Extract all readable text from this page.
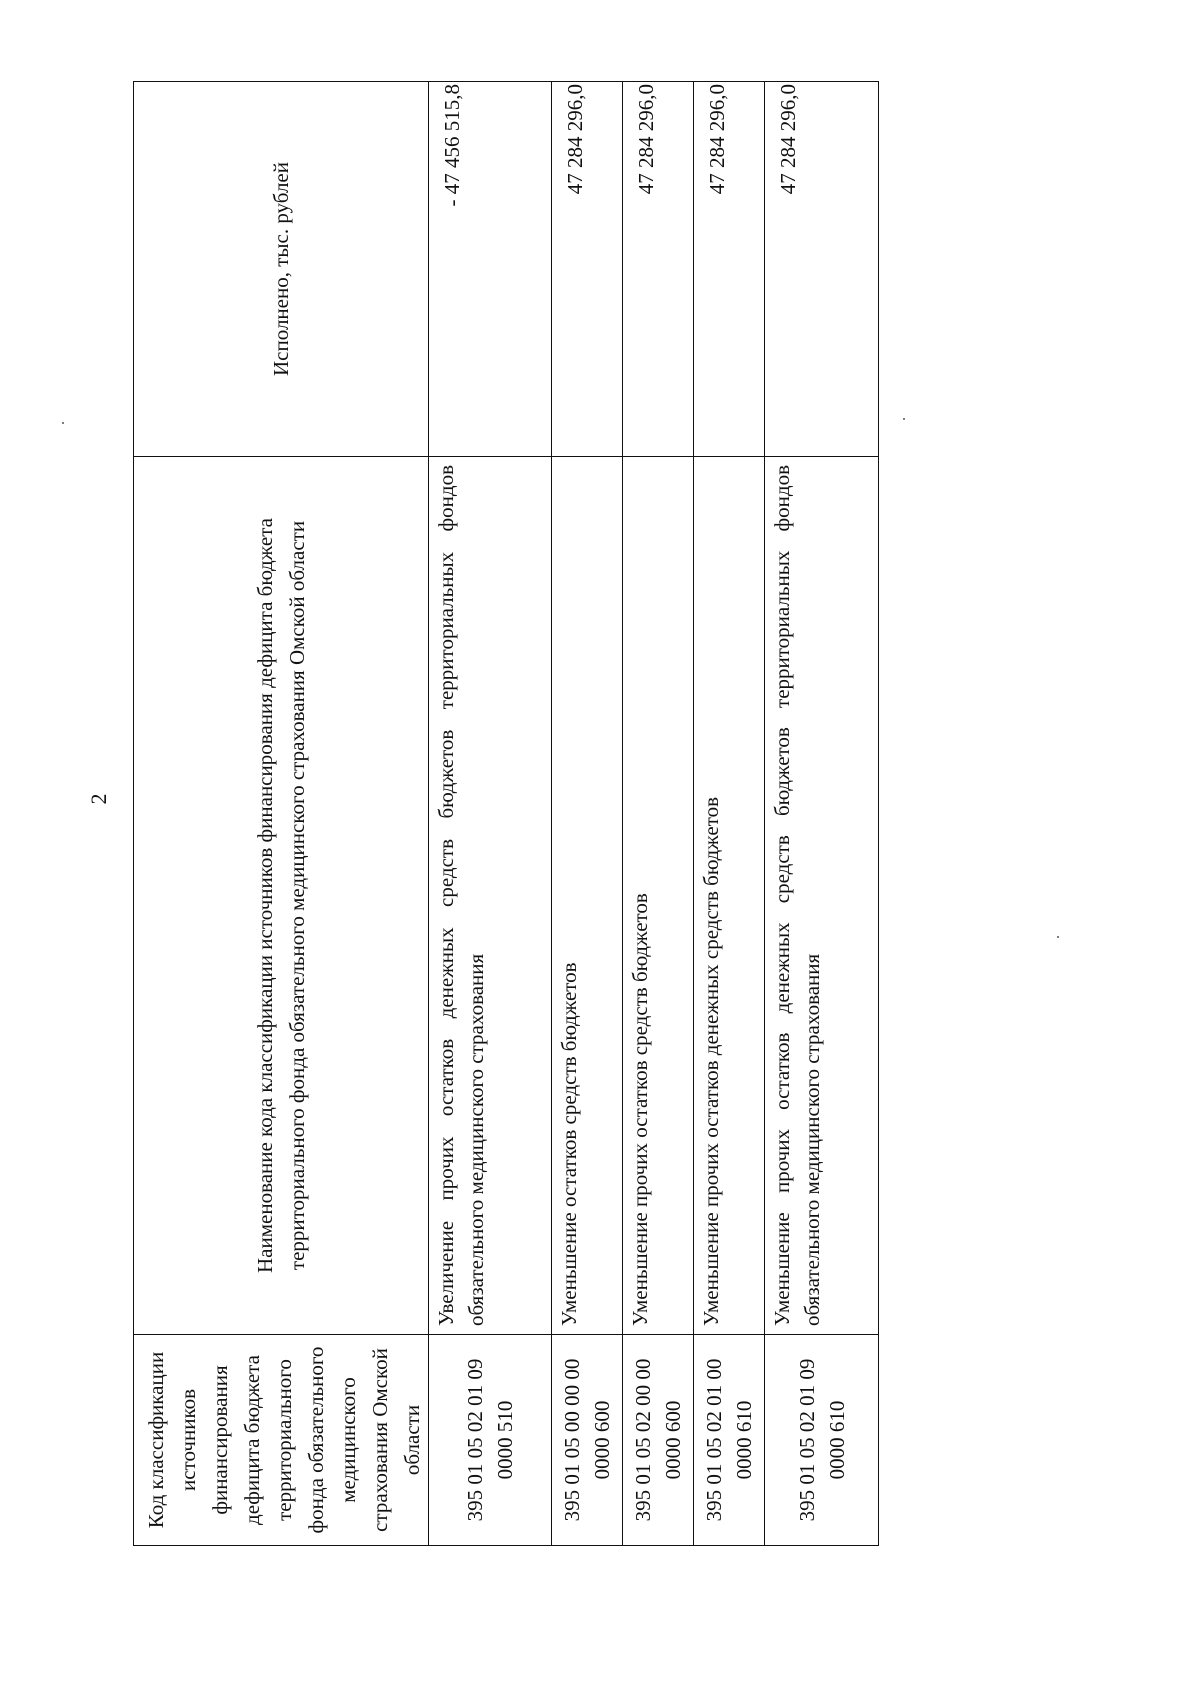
2
Код классификации источников финансирования дефицита бюджета территориального фонда обязательного медицинского страхования Омской области	Наименование кода классификации источников финансирования дефицита бюджета территориального фонда обязательного медицинского страхования Омской области	Исполнено, тыс. рублей
395 01 05 02 01 09 0000 510	Увеличение прочих остатков денежных средств бюджетов территориальных фондов обязательного медицинского страхования	- 47 456 515,8
395 01 05 00 00 00 0000 600	Уменьшение остатков средств бюджетов	47 284 296,0
395 01 05 02 00 00 0000 600	Уменьшение прочих остатков средств бюджетов	47 284 296,0
395 01 05 02 01 00 0000 610	Уменьшение прочих остатков денежных средств бюджетов	47 284 296,0
395 01 05 02 01 09 0000 610	Уменьшение прочих остатков денежных средств бюджетов территориальных фондов обязательного медицинского страхования	47 284 296,0
